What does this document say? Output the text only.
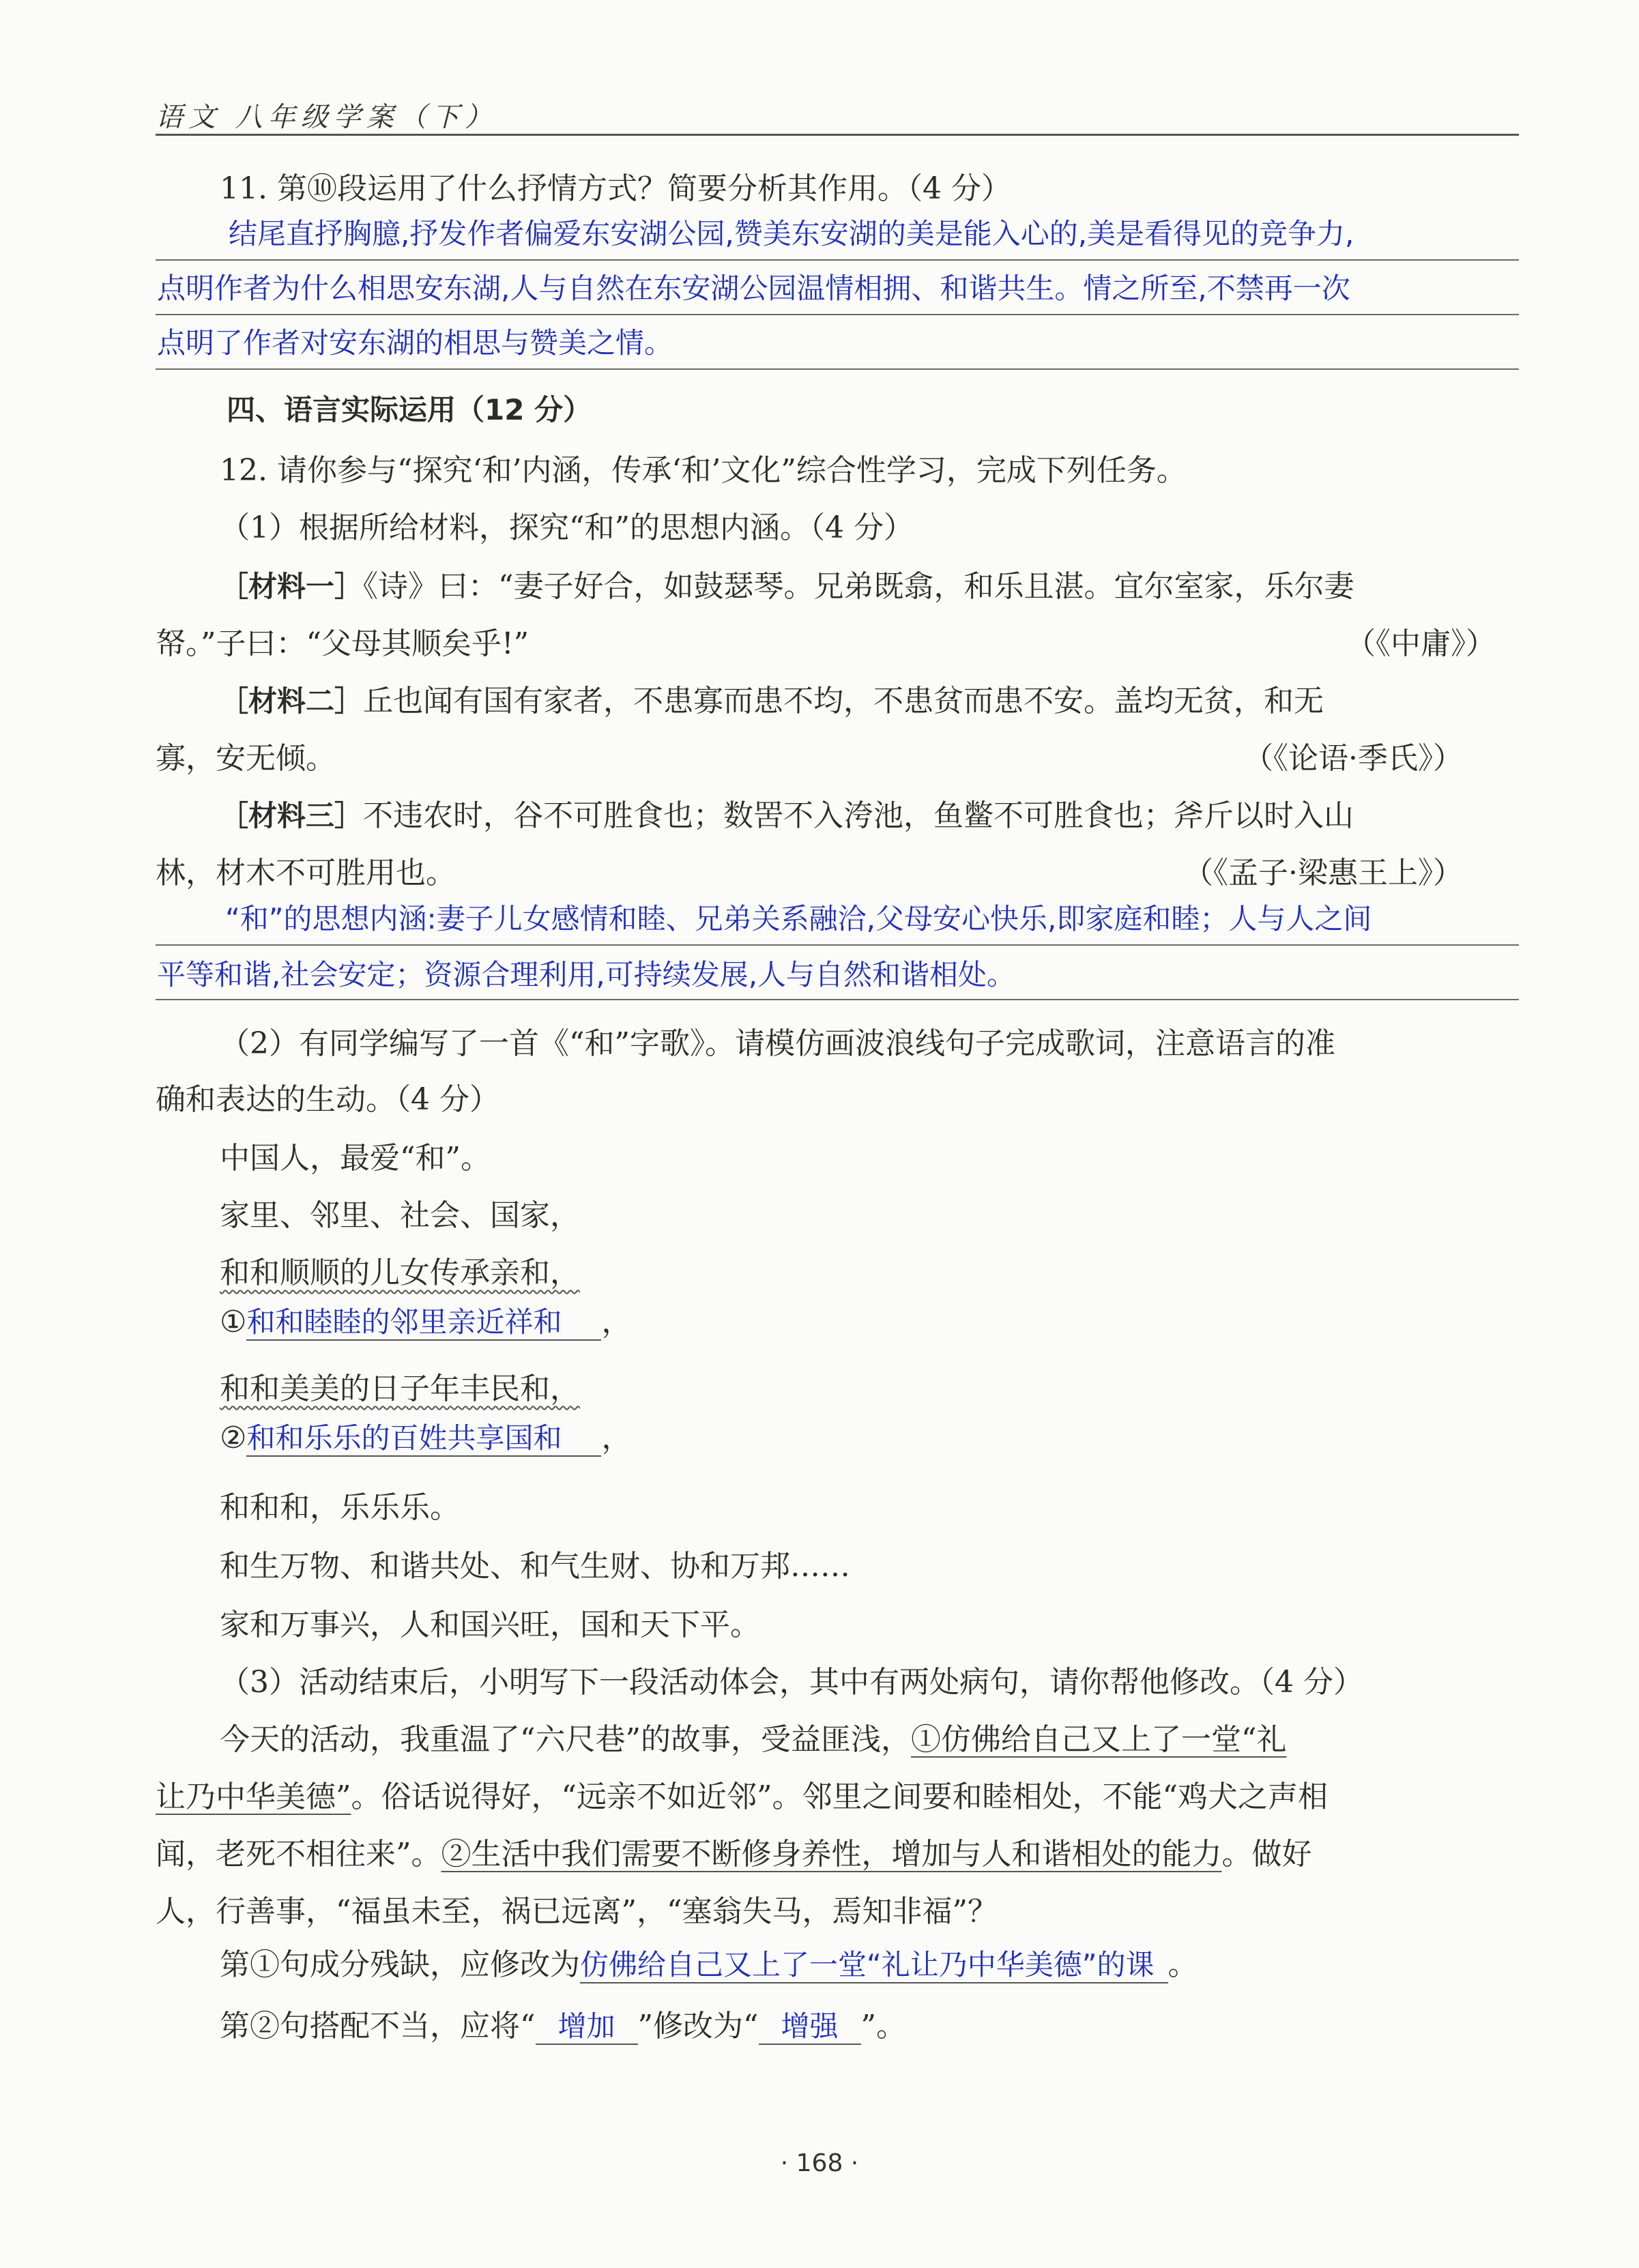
语文 八年级学案（下）
11. 第⑩段运用了什么抒情方式？简要分析其作用。（4 分）
结尾直抒胸臆,抒发作者偏爱东安湖公园,赞美东安湖的美是能入心的,美是看得见的竞争力,
点明作者为什么相思安东湖,人与自然在东安湖公园温情相拥、和谐共生。情之所至,不禁再一次
点明了作者对安东湖的相思与赞美之情。
四、语言实际运用（12 分）
12. 请你参与“探究‘和’内涵，传承‘和’文化”综合性学习，完成下列任务。
（1）根据所给材料，探究“和”的思想内涵。（4 分）
［材料一］《诗》曰：“妻子好合，如鼓瑟琴。兄弟既翕，和乐且湛。宜尔室家，乐尔妻
帑。”子曰：“父母其顺矣乎!”	（《中庸》）
［材料二］丘也闻有国有家者，不患寡而患不均，不患贫而患不安。盖均无贫，和无
寡，安无倾。	（《论语·季氏》）
［材料三］不违农时，谷不可胜食也；数罟不入洿池，鱼鳖不可胜食也；斧斤以时入山
林，材木不可胜用也。	（《孟子·梁惠王上》）
“和”的思想内涵:妻子儿女感情和睦、兄弟关系融洽,父母安心快乐,即家庭和睦；人与人之间
平等和谐,社会安定；资源合理利用,可持续发展,人与自然和谐相处。
（2）有同学编写了一首《“和”字歌》。请模仿画波浪线句子完成歌词，注意语言的准
确和表达的生动。（4 分）
中国人，最爱“和”。
家里、邻里、社会、国家，
和和顺顺的儿女传承亲和，
①和和睦睦的邻里亲近祥和 ，
和和美美的日子年丰民和，
②和和乐乐的百姓共享国和 ，
和和和，乐乐乐。
和生万物、和谐共处、和气生财、协和万邦……
家和万事兴，人和国兴旺，国和天下平。
（3）活动结束后，小明写下一段活动体会，其中有两处病句，请你帮他修改。（4 分）
今天的活动，我重温了“六尺巷”的故事，受益匪浅，①仿佛给自己又上了一堂“礼
让乃中华美德”。俗话说得好，“远亲不如近邻”。邻里之间要和睦相处，不能“鸡犬之声相
闻，老死不相往来”。②生活中我们需要不断修身养性，增加与人和谐相处的能力。做好
人，行善事，“福虽未至，祸已远离”，“塞翁失马，焉知非福”？
第①句成分残缺，应修改为仿佛给自己又上了一堂“礼让乃中华美德”的课 。
第②句搭配不当，应将“ 增加 ”修改为“ 增强 ”。
· 168 ·
